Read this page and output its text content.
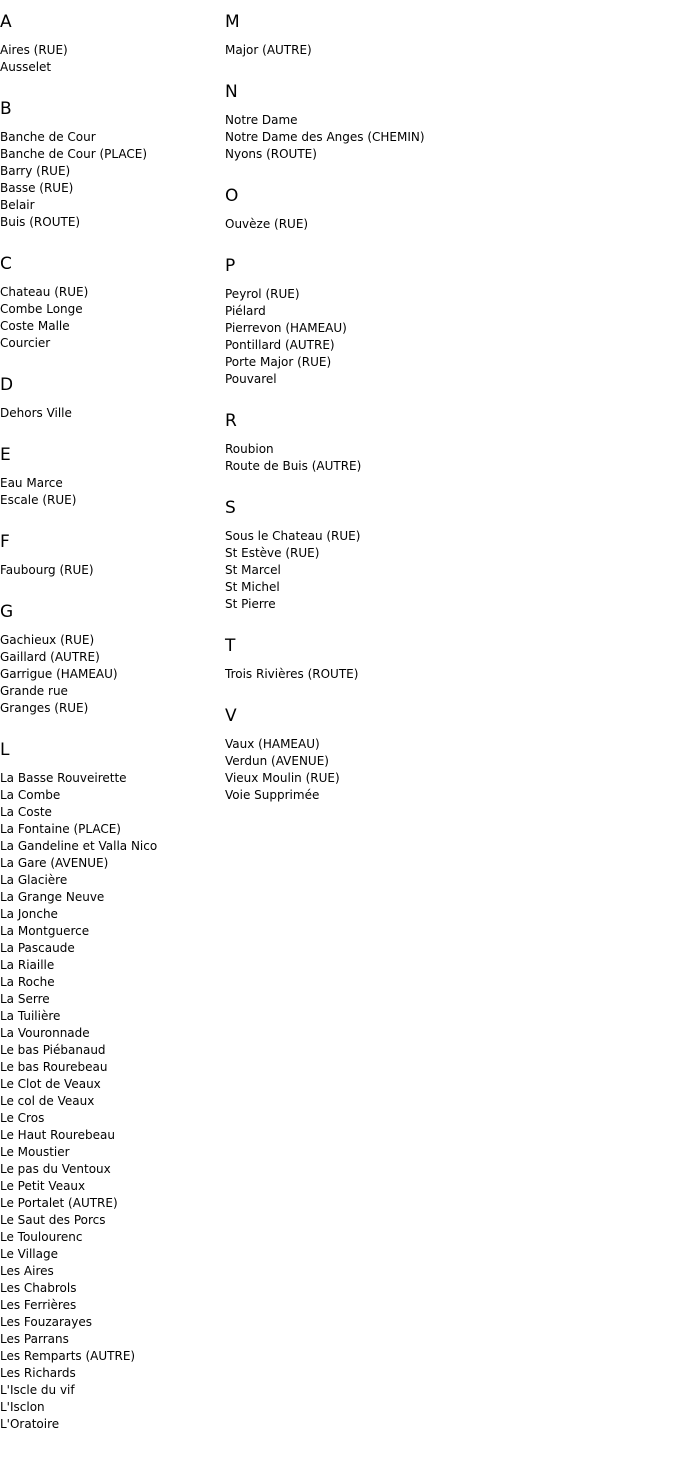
A
Aires (RUE)
Ausselet
B
Banche de Cour
Banche de Cour (PLACE)
Barry (RUE)
Basse (RUE)
Belair
Buis (ROUTE)
C
Chateau (RUE)
Combe Longe
Coste Malle
Courcier
D
Dehors Ville
E
Eau Marce
Escale (RUE)
F
Faubourg (RUE)
G
Gachieux (RUE)
Gaillard (AUTRE)
Garrigue (HAMEAU)
Grande rue
Granges (RUE)
L
La Basse Rouveirette
La Combe
La Coste
La Fontaine (PLACE)
La Gandeline et Valla Nico
La Gare (AVENUE)
La Glacière
La Grange Neuve
La Jonche
La Montguerce
La Pascaude
La Riaille
La Roche
La Serre
La Tuilière
La Vouronnade
Le bas Piébanaud
Le bas Rourebeau
Le Clot de Veaux
Le col de Veaux
Le Cros
Le Haut Rourebeau
Le Moustier
Le pas du Ventoux
Le Petit Veaux
Le Portalet (AUTRE)
Le Saut des Porcs
Le Toulourenc
Le Village
Les Aires
Les Chabrols
Les Ferrières
Les Fouzarayes
Les Parrans
Les Remparts (AUTRE)
Les Richards
L'Iscle du vif
L'Isclon
L'Oratoire
M
Major (AUTRE)
N
Notre Dame
Notre Dame des Anges (CHEMIN)
Nyons (ROUTE)
O
Ouvèze (RUE)
P
Peyrol (RUE)
Piélard
Pierrevon (HAMEAU)
Pontillard (AUTRE)
Porte Major (RUE)
Pouvarel
R
Roubion
Route de Buis (AUTRE)
S
Sous le Chateau (RUE)
St Estève (RUE)
St Marcel
St Michel
St Pierre
T
Trois Rivières (ROUTE)
V
Vaux (HAMEAU)
Verdun (AVENUE)
Vieux Moulin (RUE)
Voie Supprimée
